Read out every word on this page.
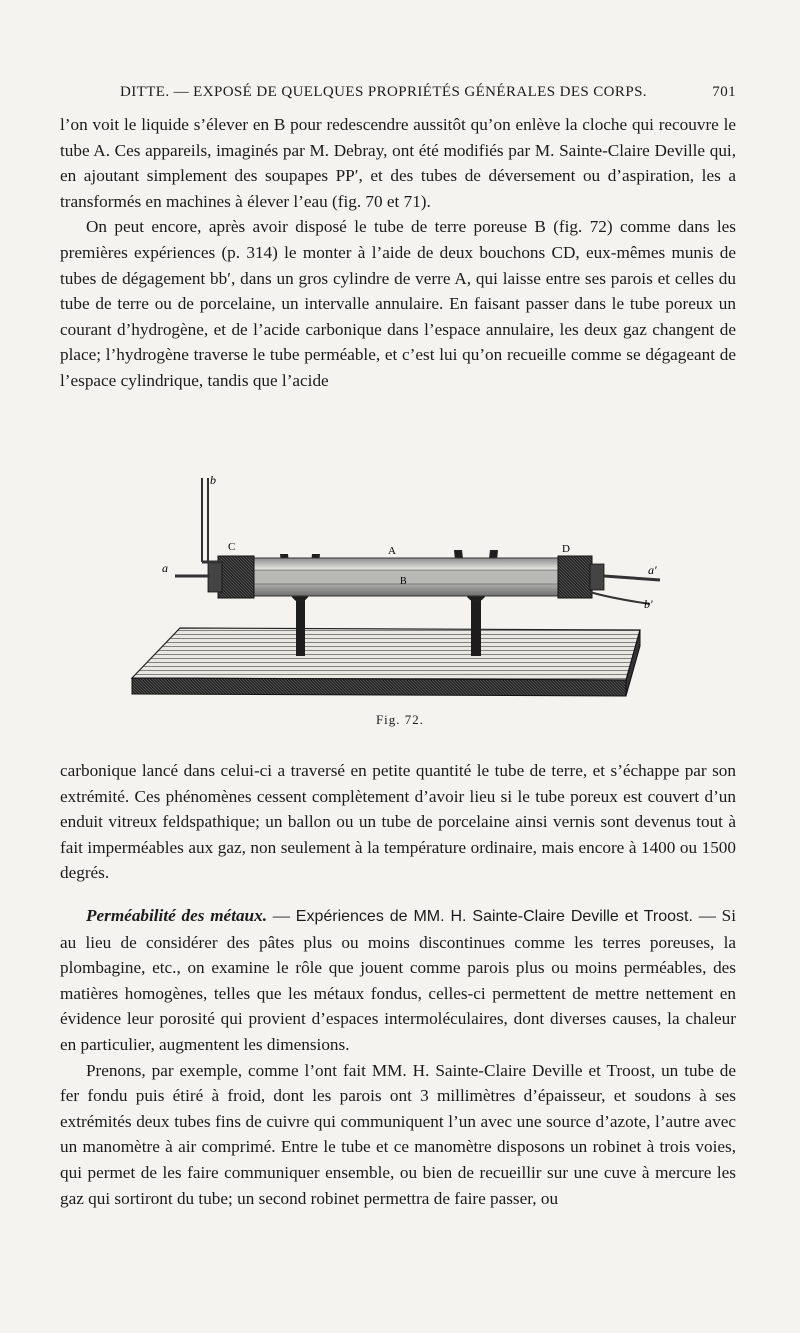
DITTE. — EXPOSÉ DE QUELQUES PROPRIÉTÉS GÉNÉRALES DES CORPS.	701

l’on voit le liquide s’élever en B pour redescendre aussitôt qu’on enlève la cloche qui recouvre le tube A. Ces appareils, imaginés par M. Debray, ont été modifiés par M. Sainte-Claire Deville qui, en ajoutant simplement des soupapes PP′, et des tubes de déversement ou d’aspiration, les a transformés en machines à élever l’eau (fig. 70 et 71).

On peut encore, après avoir disposé le tube de terre poreuse B (fig. 72) comme dans les premières expériences (p. 314) le monter à l’aide de deux bouchons CD, eux-mêmes munis de tubes de dégagement bb′, dans un gros cylindre de verre A, qui laisse entre ses parois et celles du tube de terre ou de porcelaine, un intervalle annulaire. En faisant passer dans le tube poreux un courant d’hydrogène, et de l’acide carbonique dans l’espace annulaire, les deux gaz changent de place; l’hydrogène traverse le tube perméable, et c’est lui qu’on recueille comme se dégageant de l’espace cylindrique, tandis que l’acide

b
a
C	A
B
D
a′
b′
Fig. 72.

carbonique lancé dans celui-ci a traversé en petite quantité le tube de terre, et s’échappe par son extrémité. Ces phénomènes cessent complètement d’avoir lieu si le tube poreux est couvert d’un enduit vitreux feldspathique; un ballon ou un tube de porcelaine ainsi vernis sont devenus tout à fait imperméables aux gaz, non seulement à la température ordinaire, mais encore à 1400 ou 1500 degrés.

Perméabilité des métaux. — Expériences de MM. H. Sainte-Claire Deville et Troost. — Si au lieu de considérer des pâtes plus ou moins discontinues comme les terres poreuses, la plombagine, etc., on examine le rôle que jouent comme parois plus ou moins perméables, des matières homogènes, telles que les métaux fondus, celles-ci permettent de mettre nettement en évidence leur porosité qui provient d’espaces intermoléculaires, dont diverses causes, la chaleur en particulier, augmentent les dimensions.

Prenons, par exemple, comme l’ont fait MM. H. Sainte-Claire Deville et Troost, un tube de fer fondu puis étiré à froid, dont les parois ont 3 millimètres d’épaisseur, et soudons à ses extrémités deux tubes fins de cuivre qui communiquent l’un avec une source d’azote, l’autre avec un manomètre à air comprimé. Entre le tube et ce manomètre disposons un robinet à trois voies, qui permet de les faire communiquer ensemble, ou bien de recueillir sur une cuve à mercure les gaz qui sortiront du tube; un second robinet permettra de faire passer, ou
